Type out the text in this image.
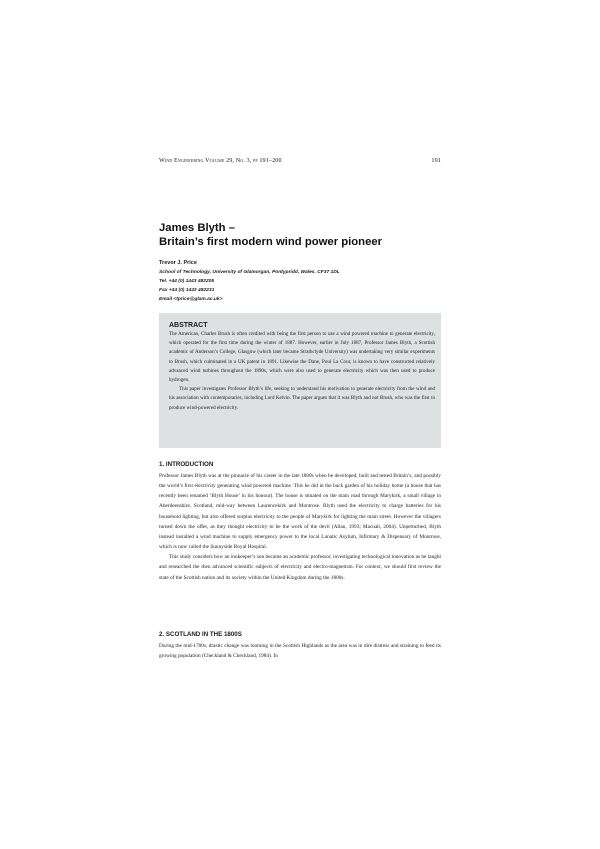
Wind Engineering Volume 29, No. 3, pp 191–200	191
James Blyth –
Britain’s first modern wind power pioneer
Trevor J. Price
School of Technology, University of Glamorgan, Pontypridd, Wales. CF37 1DL
Tel. +44 (0) 1443 482205
Fax +44 (0) 1443 482231
Email <tprice@glam.ac.uk>
ABSTRACT

The American, Charles Brush is often credited with being the first person to use a wind powered machine to generate electricity, which operated for the first time during the winter of 1887. However, earlier in July 1887, Professor James Blyth, a Scottish academic of Anderson’s College, Glasgow (which later became Strathclyde University) was undertaking very similar experiments to Brush, which culminated in a UK patent in 1891. Likewise the Dane, Poul La Cour, is known to have constructed relatively advanced wind turbines throughout the 1890s, which were also used to generate electricity which was then used to produce hydrogen.

This paper investigates Professor Blyth’s life, seeking to understand his motivation to generate electricity from the wind and his association with contemporaries, including Lord Kelvin. The paper argues that it was Blyth and not Brush, who was the first to produce wind-powered electricity.

1. INTRODUCTION

Professor James Blyth was at the pinnacle of his career in the late 1880s when he developed, built and tested Britain’s, and possibly the world’s first electricity generating wind powered machine. This he did in the back garden of his holiday home (a house that has recently been renamed ‘Blyth House’ in his honour). The house is situated on the main road through Marykirk, a small village in Aberdeenshire, Scotland, mid-way between Laurencekirk and Montrose. Blyth used the electricity to charge batteries for his household lighting, but also offered surplus electricity to the people of Marykirk for lighting the main street. However the villagers turned down the offer, as they thought electricity to be the work of the devil (Allan, 1993; Macnab, 2004). Unperturbed, Blyth instead installed a wind machine to supply emergency power to the local Lunatic Asylum, Infirmary & Dispensary of Montrose, which is now called the Sunnyside Royal Hospital.

This study considers how an innkeeper’s son became an academic professor, investigating technological innovation as he taught and researched the then advanced scientific subjects of electricity and electro-magnetism. For context, we should first review the state of the Scottish nation and its society within the United Kingdom during the 1800s.

2. SCOTLAND IN THE 1800S

During the mid-1700s, drastic change was looming in the Scottish Highlands as the area was in dire distress and straining to feed its growing population (Checkland & Checkland, 1984). In
